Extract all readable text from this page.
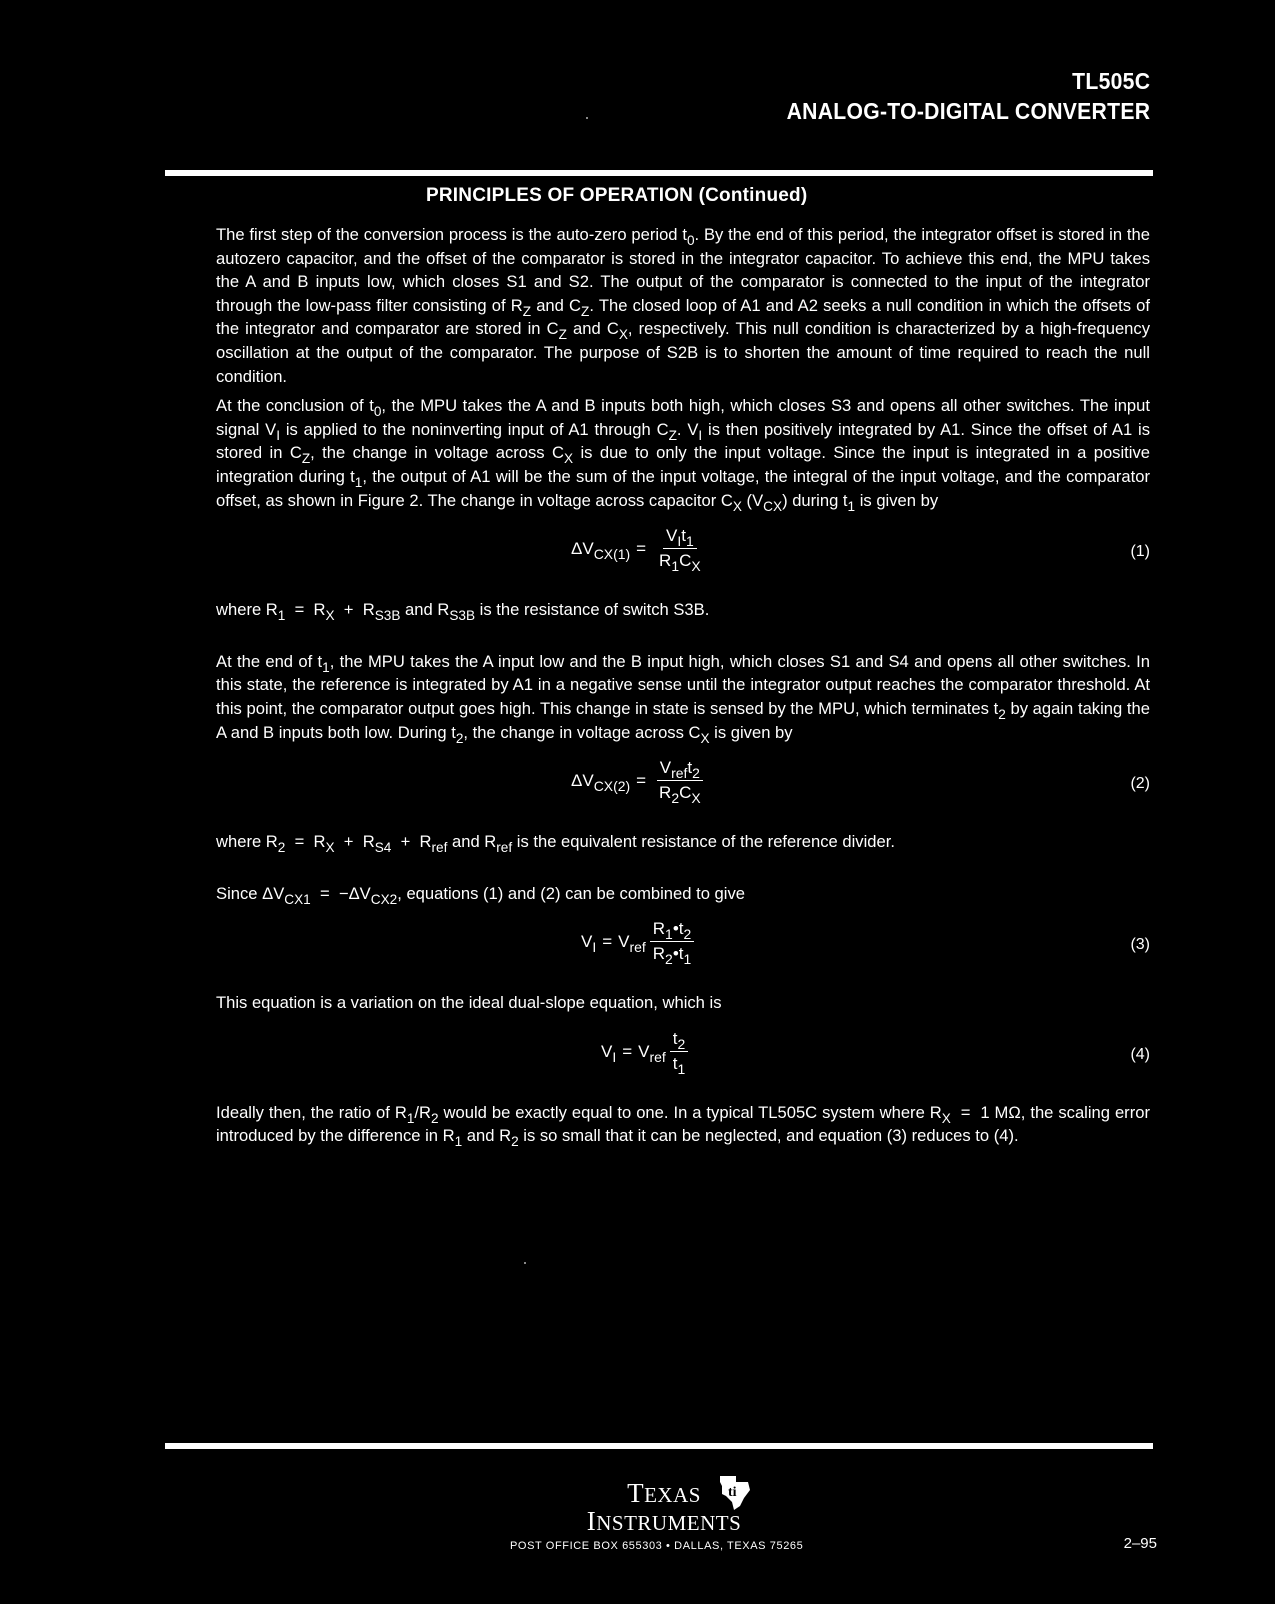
TL505C
ANALOG-TO-DIGITAL CONVERTER
PRINCIPLES OF OPERATION (Continued)

The first step of the conversion process is the auto-zero period $t_0$. By the end of this period, the integrator offset is stored in the autozero capacitor, and the offset of the comparator is stored in the integrator capacitor. To achieve this end, the MPU takes the A and B inputs low, which closes S1 and S2. The output of the comparator is connected to the input of the integrator through the low-pass filter consisting of $R_Z$ and $C_Z$. The closed loop of A1 and A2 seeks a null condition in which the offsets of the integrator and comparator are stored in $C_Z$ and $C_X$, respectively. This null condition is characterized by a high-frequency oscillation at the output of the comparator. The purpose of S2B is to shorten the amount of time required to reach the null condition.

At the conclusion of $t_0$, the MPU takes the A and B inputs both high, which closes S3 and opens all other switches. The input signal $V_I$ is applied to the noninverting input of A1 through $C_Z$. $V_I$ is then positively integrated by A1. Since the offset of A1 is stored in $C_Z$, the change in voltage across $C_X$ is due to only the input voltage. Since the input is integrated in a positive integration during $t_1$, the output of A1 will be the sum of the input voltage, the integral of the input voltage, and the comparator offset, as shown in Figure 2. The change in voltage across capacitor $C_X$ $(V_{CX})$ during $t_1$ is given by

$\Delta V_{CX(1)} = \frac{V_It_1}{R_1C_X}$	(1)

where $R_1 = R_X + R_{S3B}$ and $R_{S3B}$ is the resistance of switch S3B.

At the end of $t_1$, the MPU takes the A input low and the B input high, which closes S1 and S4 and opens all other switches. In this state, the reference is integrated by A1 in a negative sense until the integrator output reaches the comparator threshold. At this point, the comparator output goes high. This change in state is sensed by the MPU, which terminates $t_2$ by again taking the A and B inputs both low. During $t_2$, the change in voltage across $C_X$ is given by

$\Delta V_{CX(2)} = \frac{V_{ref}t_2}{R_2C_X}$	(2)

where $R_2 = R_X + R_{S4} + R_{ref}$ and $R_{ref}$ is the equivalent resistance of the reference divider.

Since $\Delta V_{CX1} = -\Delta V_{CX2}$, equations (1) and (2) can be combined to give

$V_I = V_{ref} \frac{R_1•t_2}{R_2•t_1}$	(3)

This equation is a variation on the ideal dual-slope equation, which is

$V_I = V_{ref} \frac{t_2}{t_1}$	(4)

Ideally then, the ratio of $R_1/R_2$ would be exactly equal to one. In a typical TL505C system where $R_X = 1$ MΩ, the scaling error introduced by the difference in $R_1$ and $R_2$ is so small that it can be neglected, and equation (3) reduces to (4).

TEXAS
INSTRUMENTS
ti
POST OFFICE BOX 655303 • DALLAS, TEXAS 75265	2–95
